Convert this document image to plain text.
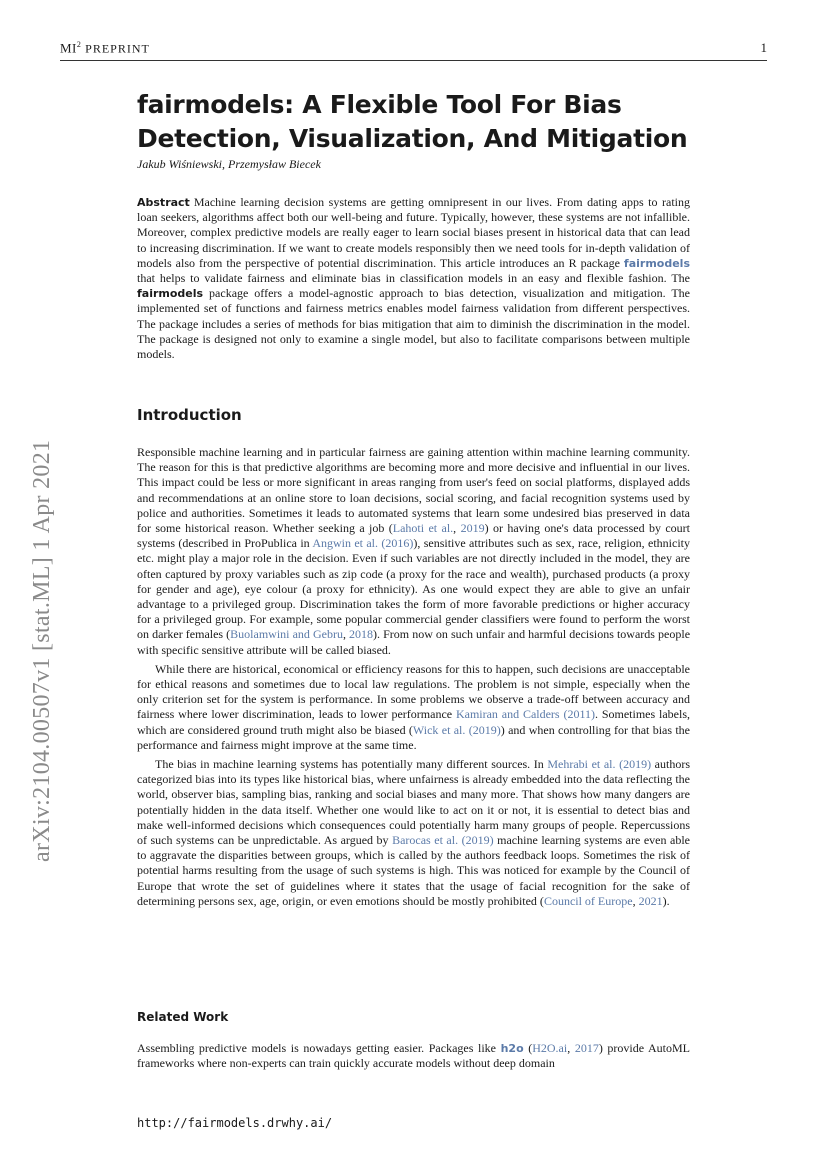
$MI^2$ PREPRINT	1
arXiv:2104.00507v1 [stat.ML] 1 Apr 2021
fairmodels: A Flexible Tool For Bias Detection, Visualization, And Mitigation
Jakub Wiśniewski, Przemysław Biecek

Abstract Machine learning decision systems are getting omnipresent in our lives. From dating apps to rating loan seekers, algorithms affect both our well-being and future. Typically, however, these systems are not infallible. Moreover, complex predictive models are really eager to learn social biases present in historical data that can lead to increasing discrimination. If we want to create models responsibly then we need tools for in-depth validation of models also from the perspective of potential discrimination. This article introduces an R package fairmodels that helps to validate fairness and eliminate bias in classification models in an easy and flexible fashion. The fairmodels package offers a model-agnostic approach to bias detection, visualization and mitigation. The implemented set of functions and fairness metrics enables model fairness validation from different perspectives. The package includes a series of methods for bias mitigation that aim to diminish the discrimination in the model. The package is designed not only to examine a single model, but also to facilitate comparisons between multiple models.

Introduction

Responsible machine learning and in particular fairness are gaining attention within machine learning community. The reason for this is that predictive algorithms are becoming more and more decisive and influential in our lives. This impact could be less or more significant in areas ranging from user's feed on social platforms, displayed adds and recommendations at an online store to loan decisions, social scoring, and facial recognition systems used by police and authorities. Sometimes it leads to automated systems that learn some undesired bias preserved in data for some historical reason. Whether seeking a job (Lahoti et al., 2019) or having one's data processed by court systems (described in ProPublica in Angwin et al. (2016)), sensitive attributes such as sex, race, religion, ethnicity etc. might play a major role in the decision. Even if such variables are not directly included in the model, they are often captured by proxy variables such as zip code (a proxy for the race and wealth), purchased products (a proxy for gender and age), eye colour (a proxy for ethnicity). As one would expect they are able to give an unfair advantage to a privileged group. Discrimination takes the form of more favorable predictions or higher accuracy for a privileged group. For example, some popular commercial gender classifiers were found to perform the worst on darker females (Buolamwini and Gebru, 2018). From now on such unfair and harmful decisions towards people with specific sensitive attribute will be called biased.

While there are historical, economical or efficiency reasons for this to happen, such decisions are unacceptable for ethical reasons and sometimes due to local law regulations. The problem is not simple, especially when the only criterion set for the system is performance. In some problems we observe a trade-off between accuracy and fairness where lower discrimination, leads to lower performance Kamiran and Calders (2011). Sometimes labels, which are considered ground truth might also be biased (Wick et al. (2019)) and when controlling for that bias the performance and fairness might improve at the same time.

The bias in machine learning systems has potentially many different sources. In Mehrabi et al. (2019) authors categorized bias into its types like historical bias, where unfairness is already embedded into the data reflecting the world, observer bias, sampling bias, ranking and social biases and many more. That shows how many dangers are potentially hidden in the data itself. Whether one would like to act on it or not, it is essential to detect bias and make well-informed decisions which consequences could potentially harm many groups of people. Repercussions of such systems can be unpredictable. As argued by Barocas et al. (2019) machine learning systems are even able to aggravate the disparities between groups, which is called by the authors feedback loops. Sometimes the risk of potential harms resulting from the usage of such systems is high. This was noticed for example by the Council of Europe that wrote the set of guidelines where it states that the usage of facial recognition for the sake of determining persons sex, age, origin, or even emotions should be mostly prohibited (Council of Europe, 2021).

Related Work

Assembling predictive models is nowadays getting easier. Packages like h2o (H2O.ai, 2017) provide AutoML frameworks where non-experts can train quickly accurate models without deep domain

http://fairmodels.drwhy.ai/
